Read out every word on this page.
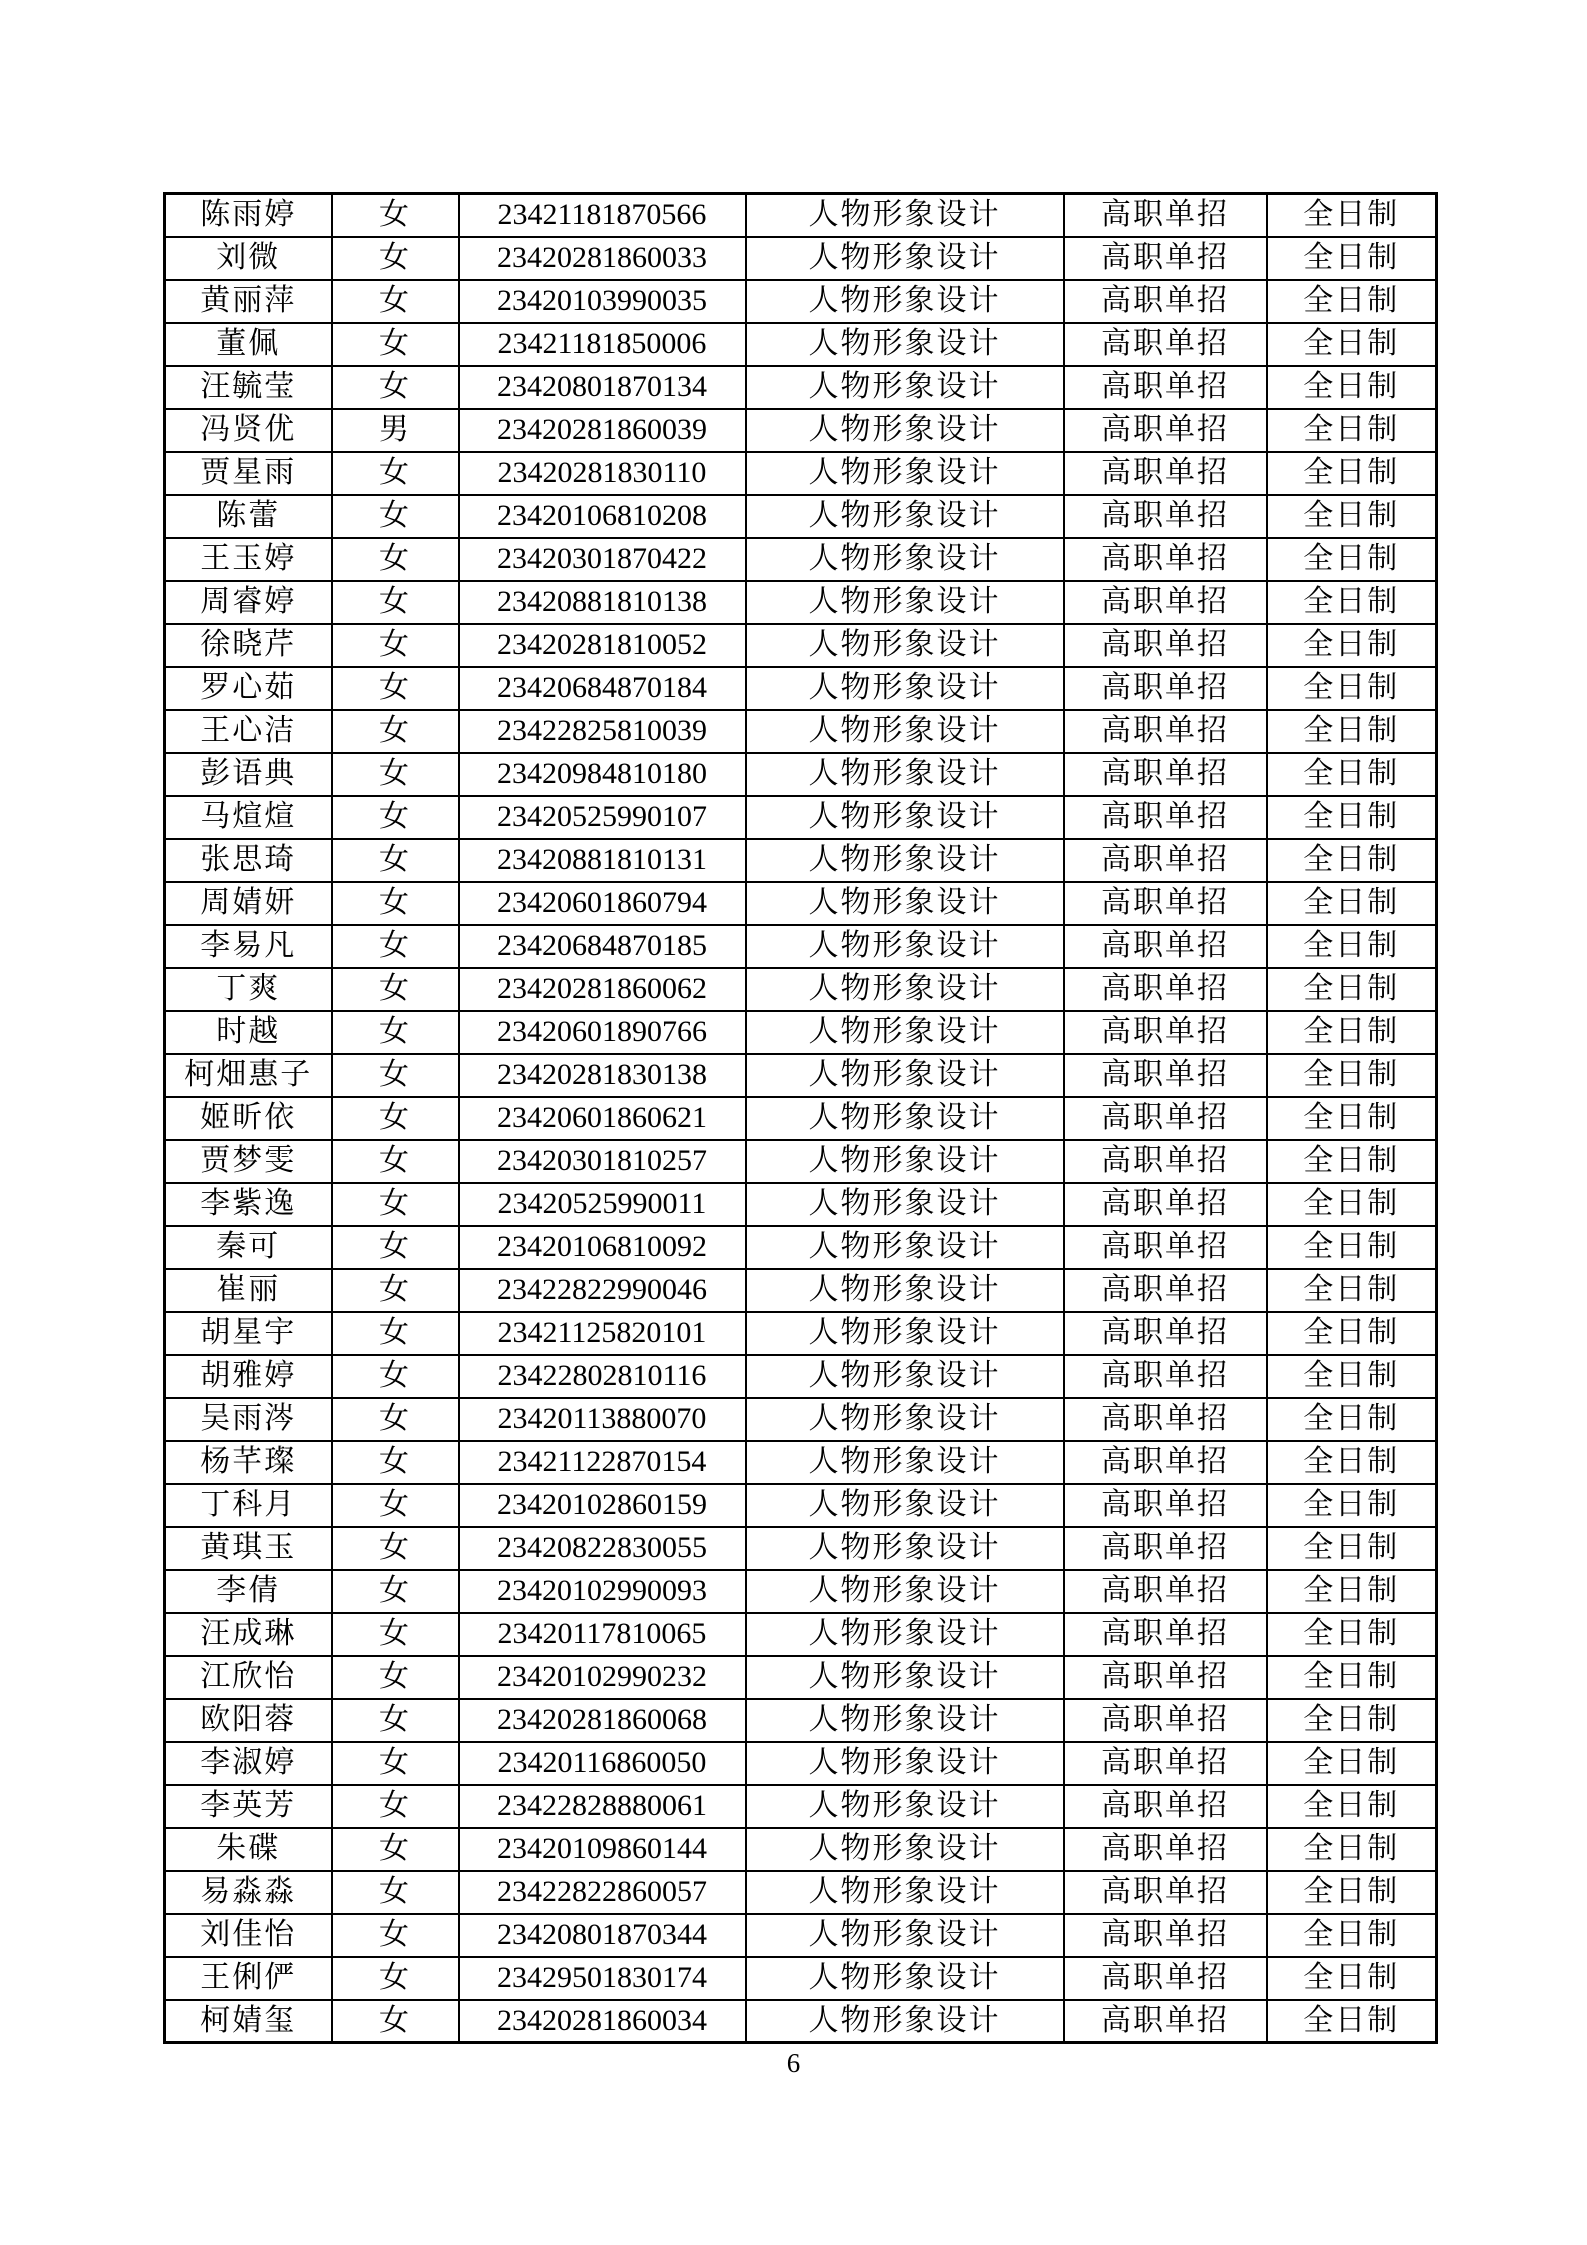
陈雨婷	女	23421181870566	人物形象设计	高职单招	全日制
刘微	女	23420281860033	人物形象设计	高职单招	全日制
黄丽萍	女	23420103990035	人物形象设计	高职单招	全日制
董佩	女	23421181850006	人物形象设计	高职单招	全日制
汪毓莹	女	23420801870134	人物形象设计	高职单招	全日制
冯贤优	男	23420281860039	人物形象设计	高职单招	全日制
贾星雨	女	23420281830110	人物形象设计	高职单招	全日制
陈蕾	女	23420106810208	人物形象设计	高职单招	全日制
王玉婷	女	23420301870422	人物形象设计	高职单招	全日制
周睿婷	女	23420881810138	人物形象设计	高职单招	全日制
徐晓芹	女	23420281810052	人物形象设计	高职单招	全日制
罗心茹	女	23420684870184	人物形象设计	高职单招	全日制
王心洁	女	23422825810039	人物形象设计	高职单招	全日制
彭语典	女	23420984810180	人物形象设计	高职单招	全日制
马煊煊	女	23420525990107	人物形象设计	高职单招	全日制
张思琦	女	23420881810131	人物形象设计	高职单招	全日制
周婧妍	女	23420601860794	人物形象设计	高职单招	全日制
李易凡	女	23420684870185	人物形象设计	高职单招	全日制
丁爽	女	23420281860062	人物形象设计	高职单招	全日制
时越	女	23420601890766	人物形象设计	高职单招	全日制
柯畑惠子	女	23420281830138	人物形象设计	高职单招	全日制
姬昕依	女	23420601860621	人物形象设计	高职单招	全日制
贾梦雯	女	23420301810257	人物形象设计	高职单招	全日制
李紫逸	女	23420525990011	人物形象设计	高职单招	全日制
秦可	女	23420106810092	人物形象设计	高职单招	全日制
崔丽	女	23422822990046	人物形象设计	高职单招	全日制
胡星宇	女	23421125820101	人物形象设计	高职单招	全日制
胡雅婷	女	23422802810116	人物形象设计	高职单招	全日制
吴雨涔	女	23420113880070	人物形象设计	高职单招	全日制
杨芊璨	女	23421122870154	人物形象设计	高职单招	全日制
丁科月	女	23420102860159	人物形象设计	高职单招	全日制
黄琪玉	女	23420822830055	人物形象设计	高职单招	全日制
李倩	女	23420102990093	人物形象设计	高职单招	全日制
汪成琳	女	23420117810065	人物形象设计	高职单招	全日制
江欣怡	女	23420102990232	人物形象设计	高职单招	全日制
欧阳蓉	女	23420281860068	人物形象设计	高职单招	全日制
李淑婷	女	23420116860050	人物形象设计	高职单招	全日制
李英芳	女	23422828880061	人物形象设计	高职单招	全日制
朱碟	女	23420109860144	人物形象设计	高职单招	全日制
易淼淼	女	23422822860057	人物形象设计	高职单招	全日制
刘佳怡	女	23420801870344	人物形象设计	高职单招	全日制
王俐俨	女	23429501830174	人物形象设计	高职单招	全日制
柯婧玺	女	23420281860034	人物形象设计	高职单招	全日制
6
